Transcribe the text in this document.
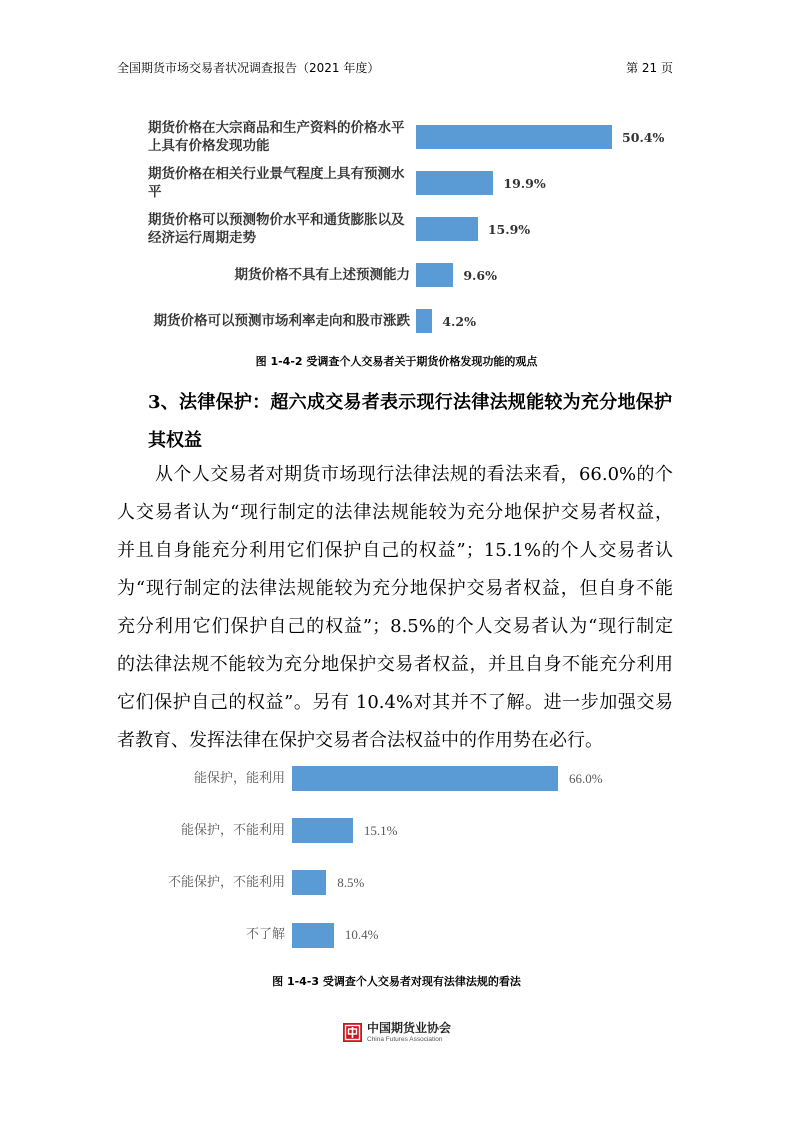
全国期货市场交易者状况调查报告（2021 年度）	第 21 页
期货价格在大宗商品和生产资料的价格水平
上具有价格发现功能
50.4%
期货价格在相关行业景气程度上具有预测水
平
19.9%
期货价格可以预测物价水平和通货膨胀以及
经济运行周期走势
15.9%
期货价格不具有上述预测能力	9.6%
期货价格可以预测市场利率走向和股市涨跌	4.2%
图 1-4-2 受调查个人交易者关于期货价格发现功能的观点
3、法律保护：超六成交易者表示现行法律法规能较为充分地保护
其权益
从个人交易者对期货市场现行法律法规的看法来看，66.0%的个
人交易者认为“现行制定的法律法规能较为充分地保护交易者权益，
并且自身能充分利用它们保护自己的权益”；15.1%的个人交易者认
为“现行制定的法律法规能较为充分地保护交易者权益，但自身不能
充分利用它们保护自己的权益”；8.5%的个人交易者认为“现行制定
的法律法规不能较为充分地保护交易者权益，并且自身不能充分利用
它们保护自己的权益”。另有 10.4%对其并不了解。进一步加强交易
者教育、发挥法律在保护交易者合法权益中的作用势在必行。
能保护，能利用	66.0%
能保护，不能利用	15.1%
不能保护，不能利用	8.5%
不了解	10.4%
图 1-4-3 受调查个人交易者对现有法律法规的看法
中国期货业协会
China Futures Association
